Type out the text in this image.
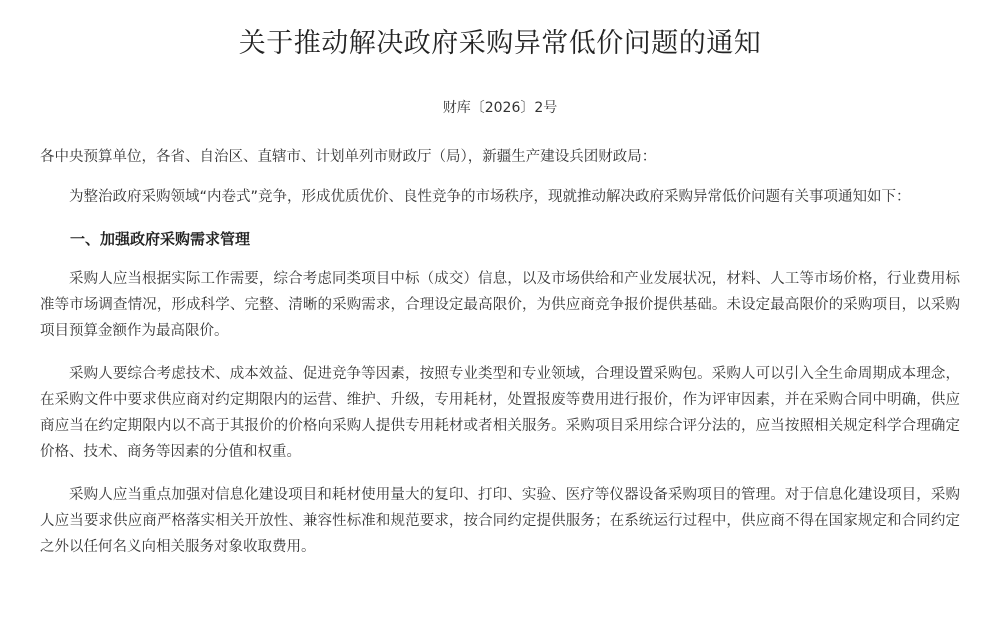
关于推动解决政府采购异常低价问题的通知

财库〔2026〕2号

各中央预算单位，各省、自治区、直辖市、计划单列市财政厅（局），新疆生产建设兵团财政局：

为整治政府采购领域“内卷式”竞争，形成优质优价、良性竞争的市场秩序，现就推动解决政府采购异常低价问题有关事项通知如下：

一、加强政府采购需求管理

采购人应当根据实际工作需要，综合考虑同类项目中标（成交）信息，以及市场供给和产业发展状况，材料、人工等市场价格，行业费用标准等市场调查情况，形成科学、完整、清晰的采购需求，合理设定最高限价，为供应商竞争报价提供基础。未设定最高限价的采购项目，以采购项目预算金额作为最高限价。

采购人要综合考虑技术、成本效益、促进竞争等因素，按照专业类型和专业领域，合理设置采购包。采购人可以引入全生命周期成本理念，在采购文件中要求供应商对约定期限内的运营、维护、升级，专用耗材，处置报废等费用进行报价，作为评审因素，并在采购合同中明确，供应商应当在约定期限内以不高于其报价的价格向采购人提供专用耗材或者相关服务。采购项目采用综合评分法的，应当按照相关规定科学合理确定价格、技术、商务等因素的分值和权重。

采购人应当重点加强对信息化建设项目和耗材使用量大的复印、打印、实验、医疗等仪器设备采购项目的管理。对于信息化建设项目，采购人应当要求供应商严格落实相关开放性、兼容性标准和规范要求，按合同约定提供服务；在系统运行过程中，供应商不得在国家规定和合同约定之外以任何名义向相关服务对象收取费用。
